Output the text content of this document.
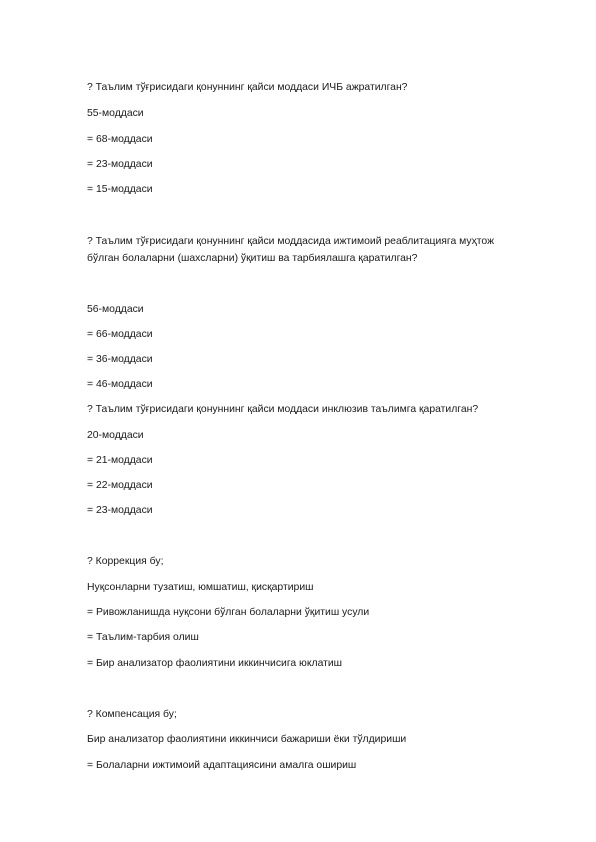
? Таълим тўғрисидаги қонуннинг қайси моддаси ИЧБ ажратилган?
55-моддаси
= 68-моддаси
= 23-моддаси
= 15-моддаси
? Таълим тўғрисидаги қонуннинг қайси моддасида ижтимоий реаблитацияга муҳтож бўлган болаларни (шахсларни) ўқитиш ва тарбиялашга қаратилган?
56-моддаси
= 66-моддаси
= 36-моддаси
= 46-моддаси
? Таълим тўғрисидаги қонуннинг қайси моддаси инклюзив таълимга қаратилган?
20-моддаси
= 21-моддаси
= 22-моддаси
= 23-моддаси
? Коррекция бу;
Нуқсонларни тузатиш, юмшатиш, қисқартириш
= Ривожланишда нуқсони бўлган болаларни ўқитиш усули
= Таълим-тарбия олиш
= Бир анализатор фаолиятини иккинчисига юклатиш
? Компенсация бу;
Бир анализатор фаолиятини иккинчиси бажариши ёки тўлдириши
= Болаларни ижтимоий адаптациясини амалга ошириш
